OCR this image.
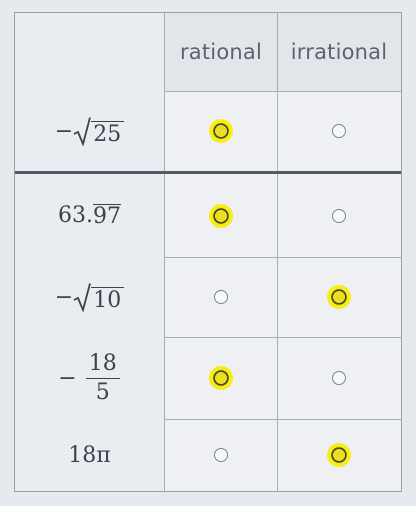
rational irrational
− 25
63. 97
− 10
− $\frac{18}{5}$
18π
